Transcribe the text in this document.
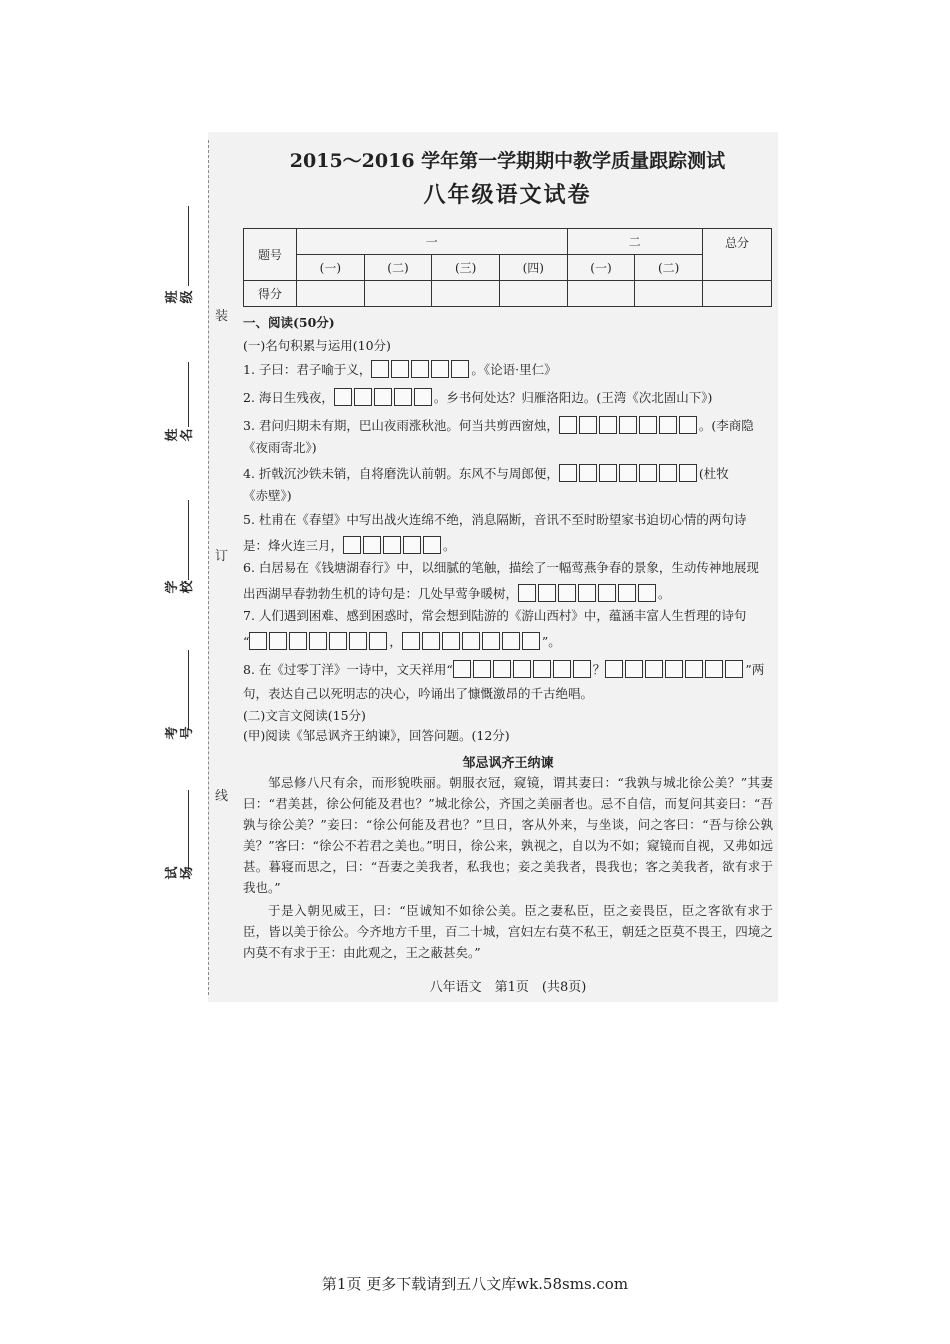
班级
姓名
学校
考号
试场
装
订
线
2015～2016 学年第一学期期中教学质量跟踪测试
八年级语文试卷
题号	一				二		总分
	(一)	(二)	(三)	(四)	(一)	(二)	
得分							
一、阅读(50分)
(一)名句积累与运用(10分)
1. 子曰：君子喻于义，	。《论语·里仁》
2. 海日生残夜，	。乡书何处达？归雁洛阳边。(王湾《次北固山下》)
3. 君问归期未有期，巴山夜雨涨秋池。何当共剪西窗烛，	。(李商隐
《夜雨寄北》)
4. 折戟沉沙铁未销，自将磨洗认前朝。东风不与周郎便，	(杜牧
《赤壁》)
5. 杜甫在《春望》中写出战火连绵不绝，消息隔断，音讯不至时盼望家书迫切心情的两句诗
是：烽火连三月，	。
6. 白居易在《钱塘湖春行》中，以细腻的笔触，描绘了一幅莺燕争春的景象，生动传神地展现
出西湖早春勃勃生机的诗句是：几处早莺争暖树，	。
7. 人们遇到困难、感到困惑时，常会想到陆游的《游山西村》中，蕴涵丰富人生哲理的诗句
“	，	”。
8. 在《过零丁洋》一诗中，文天祥用“	？	”两
句，表达自己以死明志的决心，吟诵出了慷慨激昂的千古绝唱。
(二)文言文阅读(15分)
(甲)阅读《邹忌讽齐王纳谏》，回答问题。(12分)
邹忌讽齐王纳谏
邹忌修八尺有余，而形貌昳丽。朝服衣冠，窥镜，谓其妻曰：“我孰与城北徐公美？”其妻曰：“君美甚，徐公何能及君也？”城北徐公，齐国之美丽者也。忌不自信，而复问其妾曰：“吾孰与徐公美？”妾曰：“徐公何能及君也？”旦日，客从外来，与坐谈，问之客曰：“吾与徐公孰美？”客曰：“徐公不若君之美也。”明日，徐公来，孰视之，自以为不如；窥镜而自视，又弗如远甚。暮寝而思之，曰：“吾妻之美我者，私我也；妾之美我者，畏我也；客之美我者，欲有求于我也。”
于是入朝见威王，曰：“臣诚知不如徐公美。臣之妻私臣，臣之妾畏臣，臣之客欲有求于臣，皆以美于徐公。今齐地方千里，百二十城，宫妇左右莫不私王，朝廷之臣莫不畏王，四境之内莫不有求于王：由此观之，王之蔽甚矣。”
八年语文　第1页　(共8页)
第1页 更多下载请到五八文库wk.58sms.com
